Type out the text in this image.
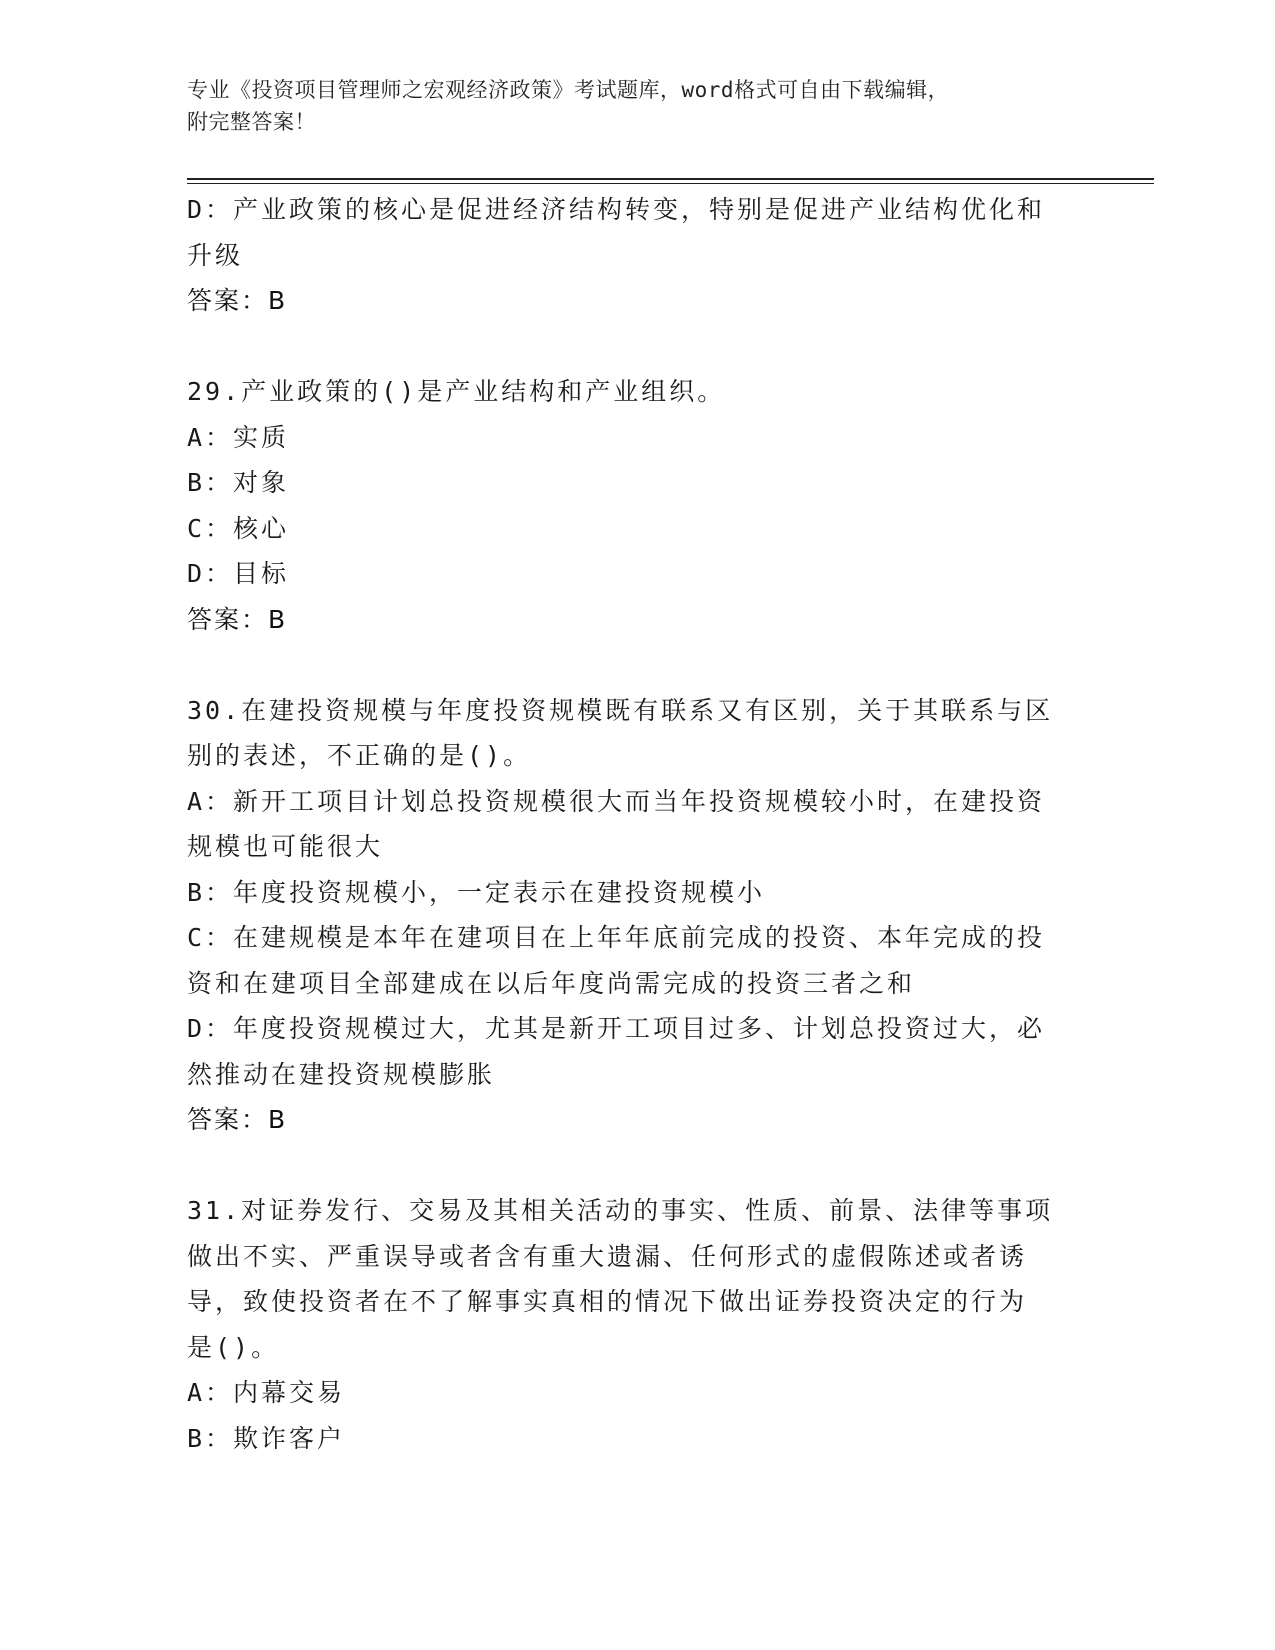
专业《投资项目管理师之宏观经济政策》考试题库，word格式可自由下载编辑，
附完整答案！
D：产业政策的核心是促进经济结构转变，特别是促进产业结构优化和
升级
答案：B
29.产业政策的()是产业结构和产业组织。
A：实质
B：对象
C：核心
D：目标
答案：B
30.在建投资规模与年度投资规模既有联系又有区别，关于其联系与区
别的表述，不正确的是()。
A：新开工项目计划总投资规模很大而当年投资规模较小时，在建投资
规模也可能很大
B：年度投资规模小，一定表示在建投资规模小
C：在建规模是本年在建项目在上年年底前完成的投资、本年完成的投
资和在建项目全部建成在以后年度尚需完成的投资三者之和
D：年度投资规模过大，尤其是新开工项目过多、计划总投资过大，必
然推动在建投资规模膨胀
答案：B
31.对证券发行、交易及其相关活动的事实、性质、前景、法律等事项
做出不实、严重误导或者含有重大遗漏、任何形式的虚假陈述或者诱
导，致使投资者在不了解事实真相的情况下做出证券投资决定的行为
是()。
A：内幕交易
B：欺诈客户
